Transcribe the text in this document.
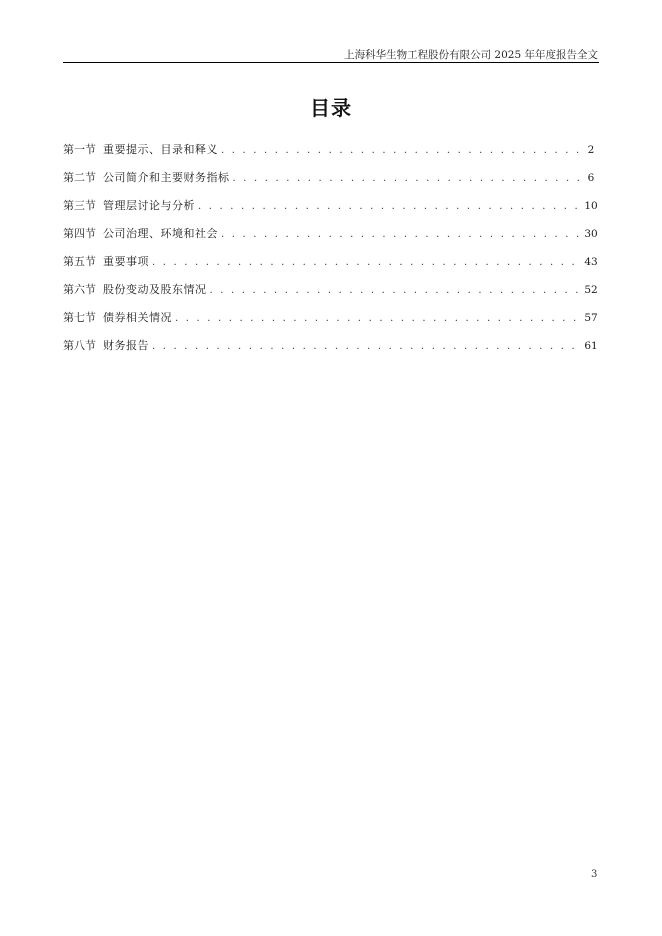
上海科华生物工程股份有限公司 2025 年年度报告全文
目录
第一节 重要提示、目录和释义 . . .	2
第二节 公司简介和主要财务指标 . . .	6
第三节 管理层讨论与分析 . . .	10
第四节 公司治理、环境和社会 . . .	30
第五节 重要事项 . . .	43
第六节 股份变动及股东情况 . . .	52
第七节 债券相关情况 . . .	57
第八节 财务报告 . . .	61
3
